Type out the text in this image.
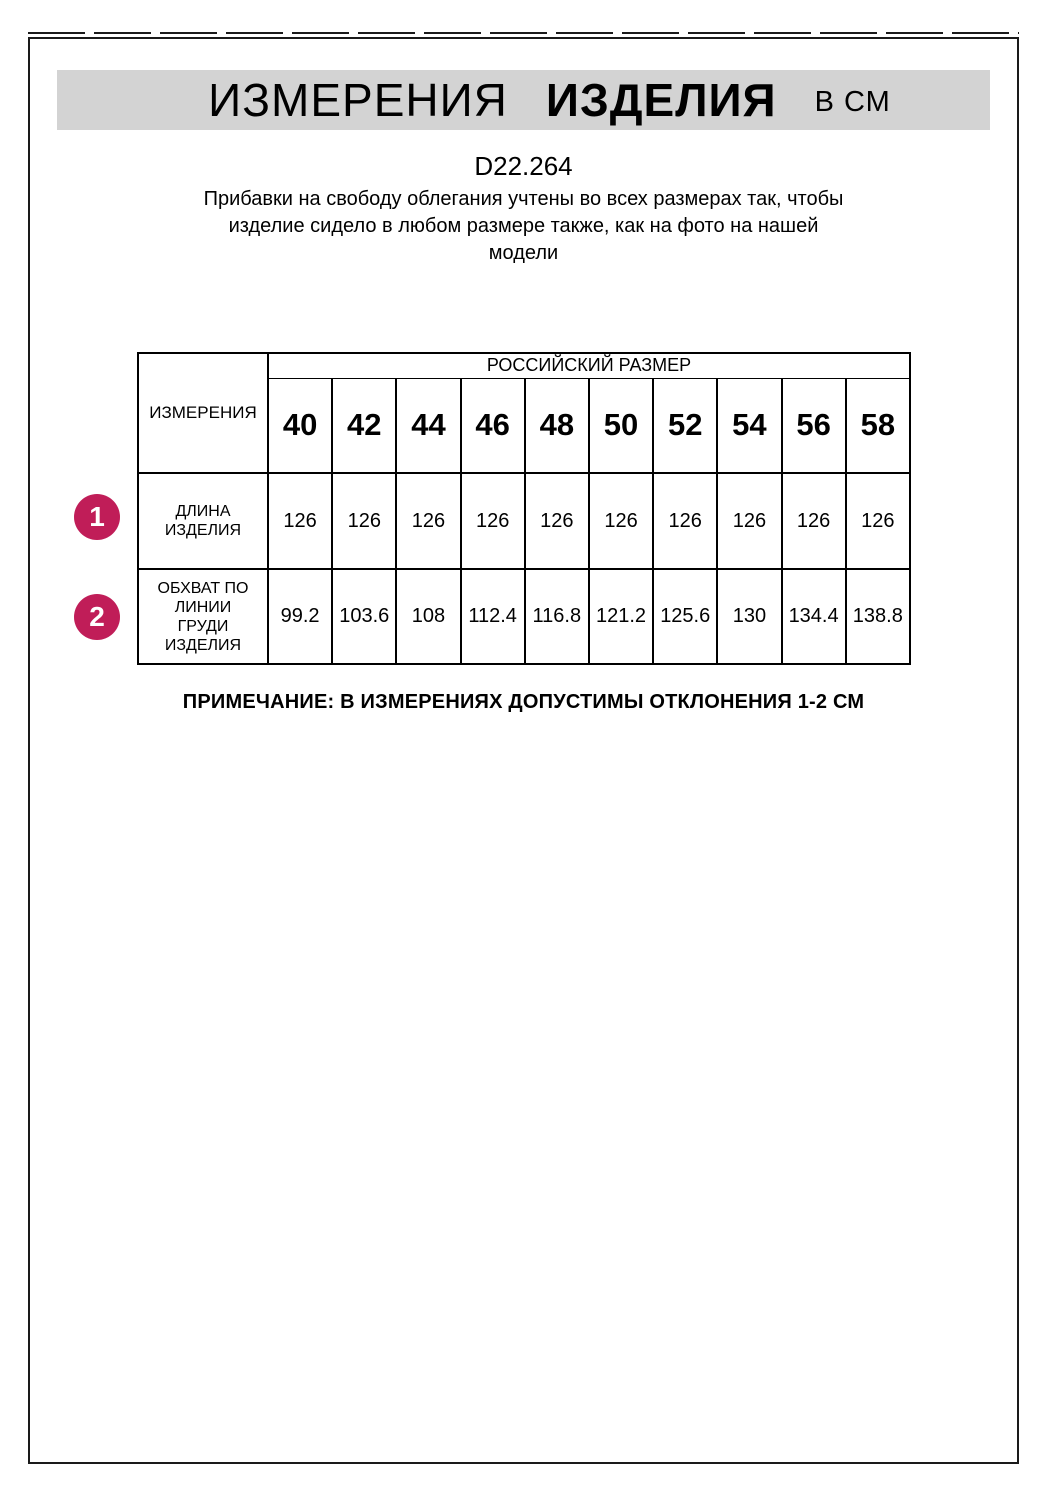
ИЗМЕРЕНИЯ ИЗДЕЛИЯ В СМ
D22.264
Прибавки на свободу облегания учтены во всех размерах так, чтобы
изделие сидело в любом размере также, как на фото на нашей
модели
ИЗМЕРЕНИЯ	РОССИЙСКИЙ РАЗМЕР									
	40	42	44	46	48	50	52	54	56	58
ДЛИНА ИЗДЕЛИЯ	126	126	126	126	126	126	126	126	126	126
ОБХВАТ ПО ЛИНИИ ГРУДИ ИЗДЕЛИЯ	99.2	103.6	108	112.4	116.8	121.2	125.6	130	134.4	138.8
1
2
ПРИМЕЧАНИЕ: В ИЗМЕРЕНИЯХ ДОПУСТИМЫ ОТКЛОНЕНИЯ 1-2 СМ
